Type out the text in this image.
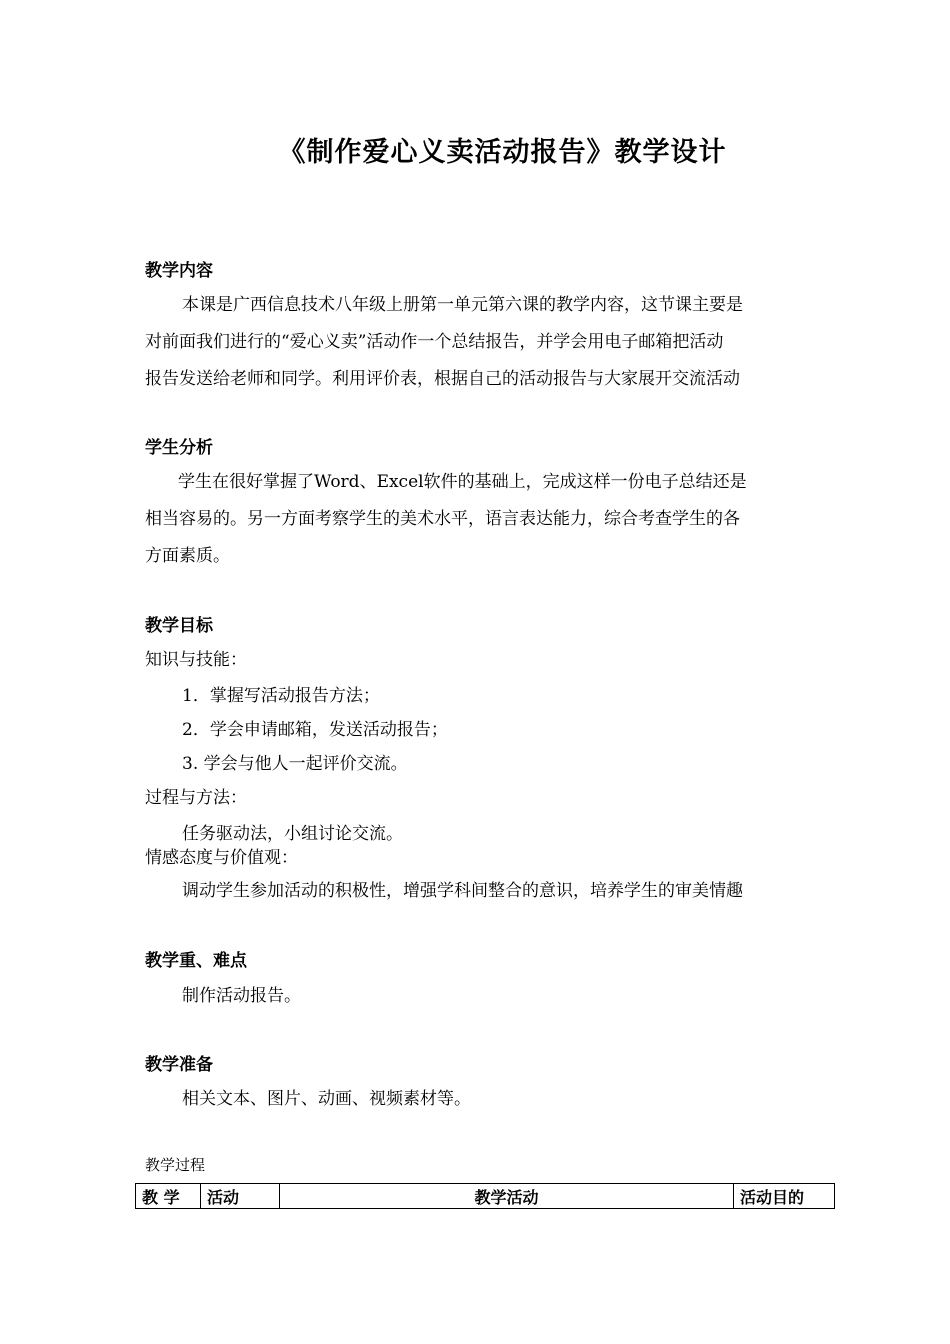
《制作爱心义卖活动报告》教学设计
教学内容
本课是广西信息技术八年级上册第一单元第六课的教学内容，这节课主要是
对前面我们进行的“爱心义卖”活动作一个总结报告，并学会用电子邮箱把活动
报告发送给老师和同学。利用评价表，根据自己的活动报告与大家展开交流活动
学生分析
学生在很好掌握了Word、Excel软件的基础上，完成这样一份电子总结还是
相当容易的。另一方面考察学生的美术水平，语言表达能力，综合考查学生的各
方面素质。
教学目标
知识与技能：
1．掌握写活动报告方法；
2．学会申请邮箱，发送活动报告；
3. 学会与他人一起评价交流。
过程与方法：
任务驱动法，小组讨论交流。
情感态度与价值观：
调动学生参加活动的积极性，增强学科间整合的意识，培养学生的审美情趣
教学重、难点
制作活动报告。
教学准备
相关文本、图片、动画、视频素材等。
教学过程
教 学	活动	教学活动	活动目的
